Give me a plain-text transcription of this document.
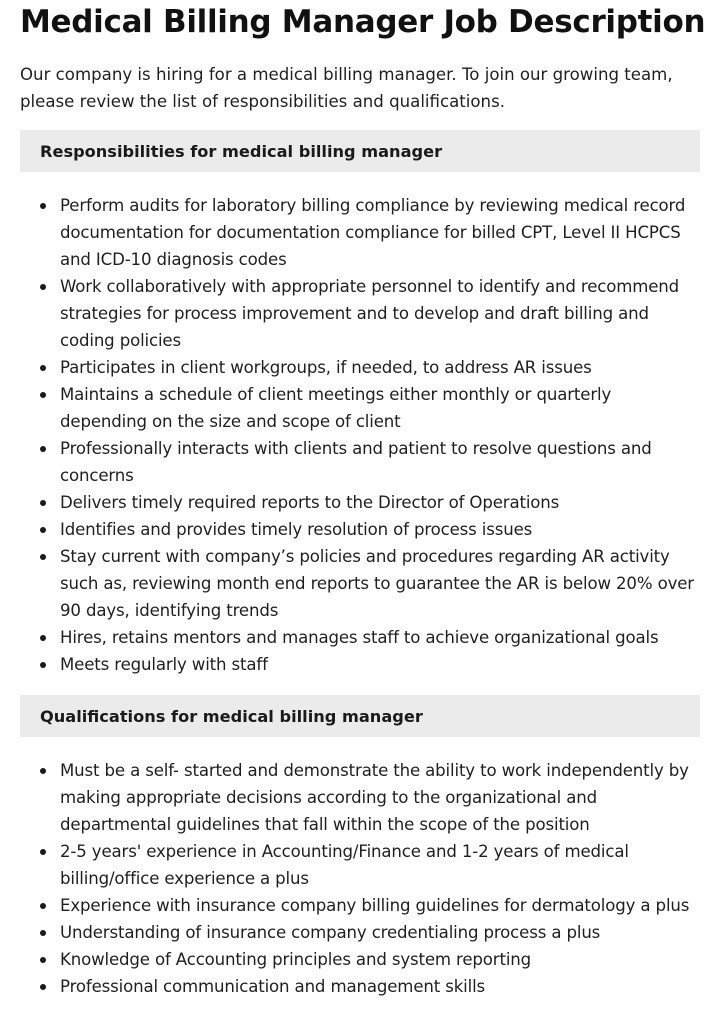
Medical Billing Manager Job Description

Our company is hiring for a medical billing manager. To join our growing team, please review the list of responsibilities and qualifications.

Responsibilities for medical billing manager
Perform audits for laboratory billing compliance by reviewing medical record documentation for documentation compliance for billed CPT, Level II HCPCS and ICD-10 diagnosis codes
Work collaboratively with appropriate personnel to identify and recommend strategies for process improvement and to develop and draft billing and coding policies
Participates in client workgroups, if needed, to address AR issues
Maintains a schedule of client meetings either monthly or quarterly depending on the size and scope of client
Professionally interacts with clients and patient to resolve questions and concerns
Delivers timely required reports to the Director of Operations
Identifies and provides timely resolution of process issues
Stay current with company’s policies and procedures regarding AR activity such as, reviewing month end reports to guarantee the AR is below 20% over 90 days, identifying trends
Hires, retains mentors and manages staff to achieve organizational goals
Meets regularly with staff
Qualifications for medical billing manager
Must be a self- started and demonstrate the ability to work independently by making appropriate decisions according to the organizational and departmental guidelines that fall within the scope of the position
2-5 years' experience in Accounting/Finance and 1-2 years of medical billing/office experience a plus
Experience with insurance company billing guidelines for dermatology a plus
Understanding of insurance company credentialing process a plus
Knowledge of Accounting principles and system reporting
Professional communication and management skills
